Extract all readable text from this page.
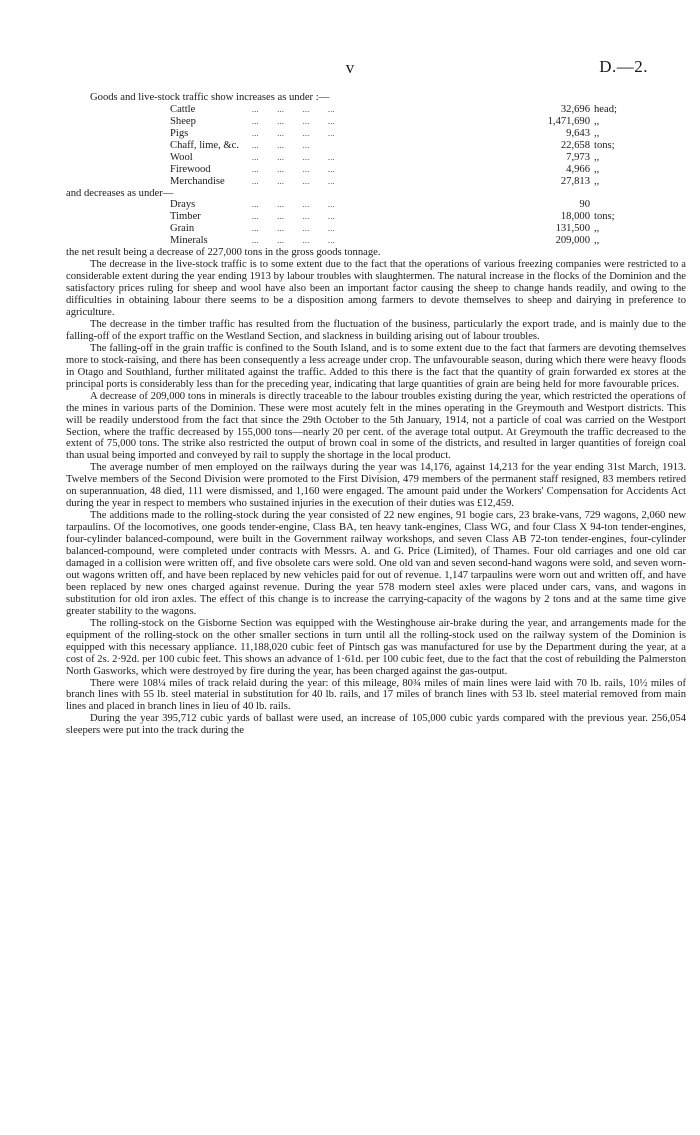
v	D.—2.

Goods and live-stock traffic show increases as under :—

Cattle	...        ...        ...        ...	32,696 head;
Sheep	...        ...        ...        ...	1,471,690 ,,
Pigs	...        ...        ...        ...	9,643 ,,
Chaff, lime, &c.	...        ...        ...	22,658 tons;
Wool	...        ...        ...        ...	7,973 ,,
Firewood	...        ...        ...        ...	4,966 ,,
Merchandise	...        ...        ...        ...	27,813 ,,

and decreases as under—

Drays	...        ...        ...        ...	90
Timber	...        ...        ...        ...	18,000 tons;
Grain	...        ...        ...        ...	131,500 ,,
Minerals	...        ...        ...        ...	209,000 ,,

the net result being a decrease of 227,000 tons in the gross goods tonnage.

The decrease in the live-stock traffic is to some extent due to the fact that the operations of various freezing companies were restricted to a considerable extent during the year ending 1913 by labour troubles with slaughtermen. The natural increase in the flocks of the Dominion and the satisfactory prices ruling for sheep and wool have also been an important factor causing the sheep to change hands readily, and owing to the difficulties in obtaining labour there seems to be a disposition among farmers to devote themselves to sheep and dairying in preference to agriculture.

The decrease in the timber traffic has resulted from the fluctuation of the business, particularly the export trade, and is mainly due to the falling-off of the export traffic on the Westland Section, and slackness in building arising out of labour troubles.

The falling-off in the grain traffic is confined to the South Island, and is to some extent due to the fact that farmers are devoting themselves more to stock-raising, and there has been consequently a less acreage under crop. The unfavourable season, during which there were heavy floods in Otago and Southland, further militated against the traffic. Added to this there is the fact that the quantity of grain forwarded ex stores at the principal ports is considerably less than for the preceding year, indicating that large quantities of grain are being held for more favourable prices.

A decrease of 209,000 tons in minerals is directly traceable to the labour troubles existing during the year, which restricted the operations of the mines in various parts of the Dominion. These were most acutely felt in the mines operating in the Greymouth and Westport districts. This will be readily understood from the fact that since the 29th October to the 5th January, 1914, not a particle of coal was carried on the Westport Section, where the traffic decreased by 155,000 tons—nearly 20 per cent. of the average total output. At Greymouth the traffic decreased to the extent of 75,000 tons. The strike also restricted the output of brown coal in some of the districts, and resulted in larger quantities of foreign coal than usual being imported and conveyed by rail to supply the shortage in the local product.

The average number of men employed on the railways during the year was 14,176, against 14,213 for the year ending 31st March, 1913. Twelve members of the Second Division were promoted to the First Division, 479 members of the permanent staff resigned, 83 members retired on superannuation, 48 died, 111 were dismissed, and 1,160 were engaged. The amount paid under the Workers' Compensation for Accidents Act during the year in respect to members who sustained injuries in the execution of their duties was £12,459.

The additions made to the rolling-stock during the year consisted of 22 new engines, 91 bogie cars, 23 brake-vans, 729 wagons, 2,060 new tarpaulins. Of the locomotives, one goods tender-engine, Class BA, ten heavy tank-engines, Class WG, and four Class X 94-ton tender-engines, four-cylinder balanced-compound, were built in the Government railway workshops, and seven Class AB 72-ton tender-engines, four-cylinder balanced-compound, were completed under contracts with Messrs. A. and G. Price (Limited), of Thames. Four old carriages and one old car damaged in a collision were written off, and five obsolete cars were sold. One old van and seven second-hand wagons were sold, and seven worn-out wagons written off, and have been replaced by new vehicles paid for out of revenue. 1,147 tarpaulins were worn out and written off, and have been replaced by new ones charged against revenue. During the year 578 modern steel axles were placed under cars, vans, and wagons in substitution for old iron axles. The effect of this change is to increase the carrying-capacity of the wagons by 2 tons and at the same time give greater stability to the wagons.

The rolling-stock on the Gisborne Section was equipped with the Westinghouse air-brake during the year, and arrangements made for the equipment of the rolling-stock on the other smaller sections in turn until all the rolling-stock used on the railway system of the Dominion is equipped with this necessary appliance. 11,188,020 cubic feet of Pintsch gas was manufactured for use by the Department during the year, at a cost of 2s. 2·92d. per 100 cubic feet. This shows an advance of 1·61d. per 100 cubic feet, due to the fact that the cost of rebuilding the Palmerston North Gasworks, which were destroyed by fire during the year, has been charged against the gas-output.

There were 108¼ miles of track relaid during the year: of this mileage, 80¾ miles of main lines were laid with 70 lb. rails, 10½ miles of branch lines with 55 lb. steel material in substitution for 40 lb. rails, and 17 miles of branch lines with 53 lb. steel material removed from main lines and placed in branch lines in lieu of 40 lb. rails.

During the year 395,712 cubic yards of ballast were used, an increase of 105,000 cubic yards compared with the previous year. 256,054 sleepers were put into the track during the
